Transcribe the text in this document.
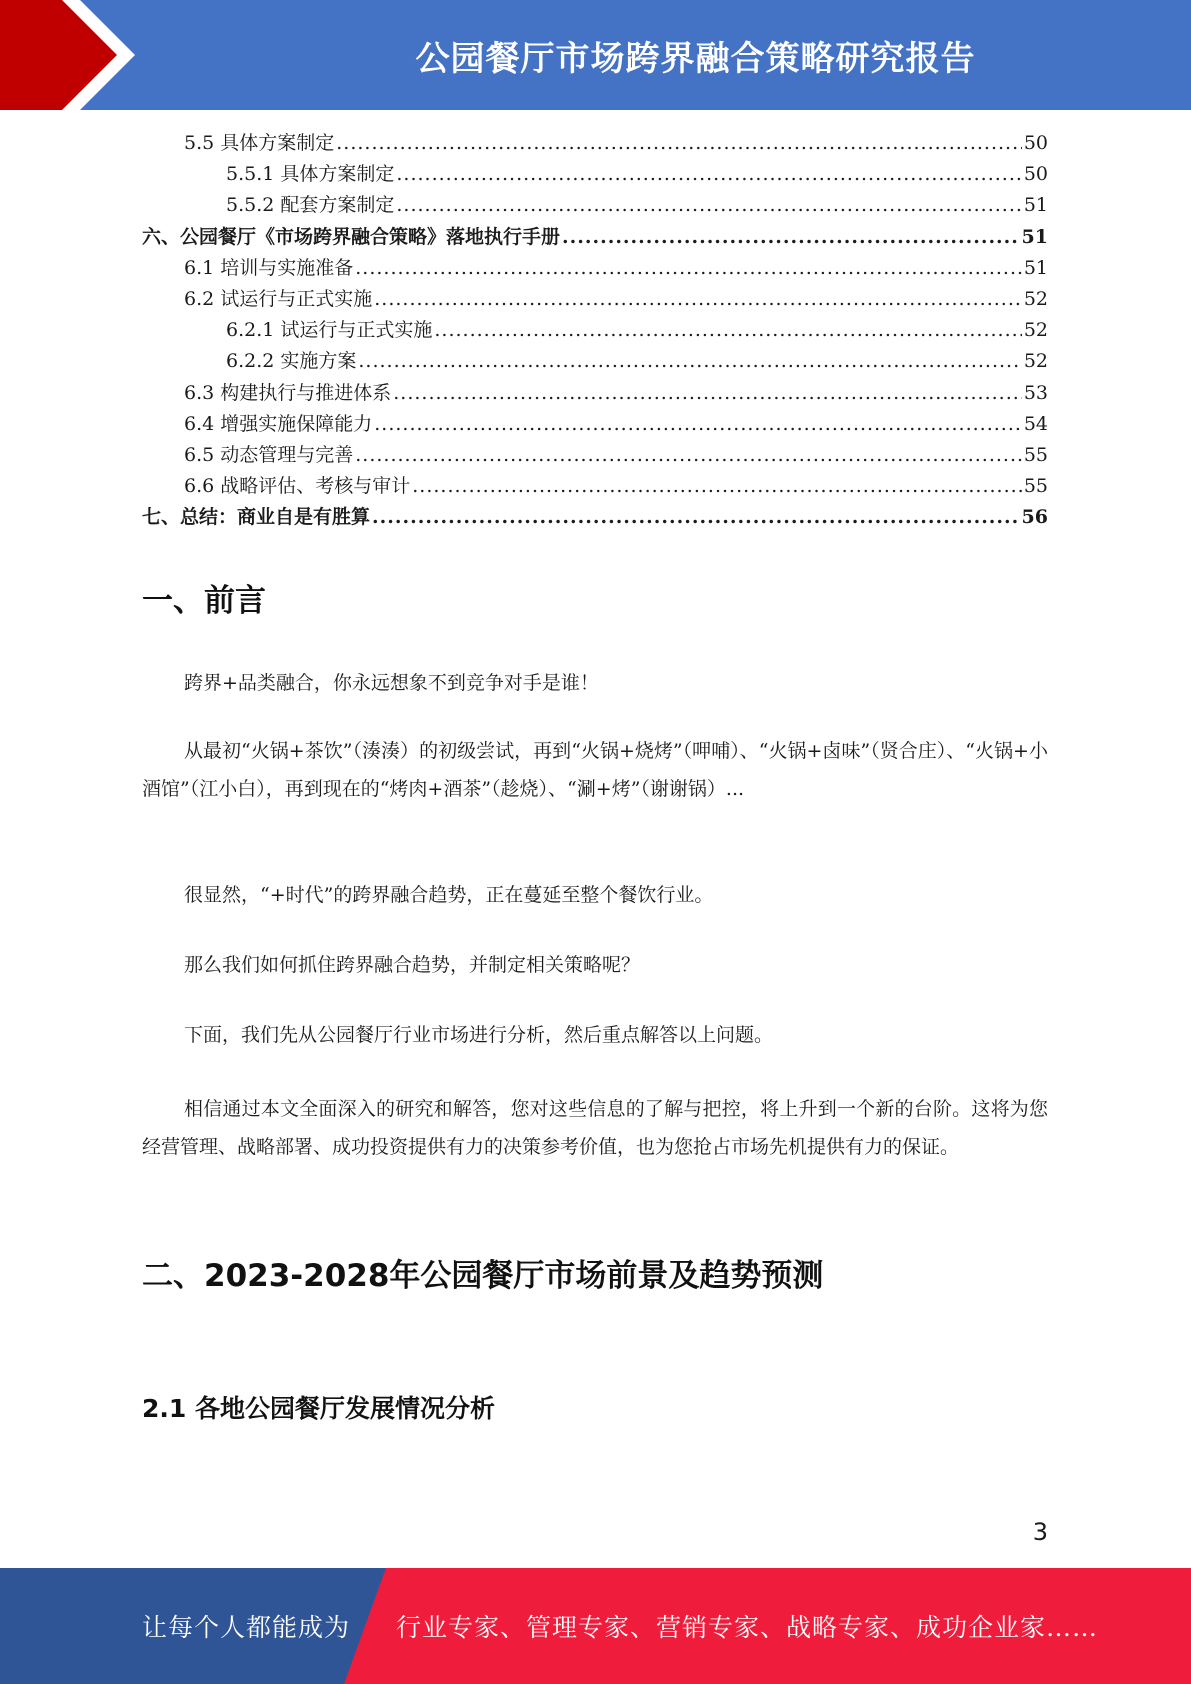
公园餐厅市场跨界融合策略研究报告
5.5 具体方案制定 .....	50
5.5.1 具体方案制定 .....	50
5.5.2 配套方案制定 .....	51
六、公园餐厅《市场跨界融合策略》落地执行手册 .....	51
6.1 培训与实施准备 .....	51
6.2 试运行与正式实施 .....	52
6.2.1 试运行与正式实施 .....	52
6.2.2 实施方案 .....	52
6.3 构建执行与推进体系 .....	53
6.4 增强实施保障能力 .....	54
6.5 动态管理与完善 .....	55
6.6 战略评估、考核与审计 .....	55
七、总结：商业自是有胜算 .....	56
一、前言
跨界+品类融合，你永远想象不到竞争对手是谁！
从最初“火锅+茶饮”（湊湊）的初级尝试，再到“火锅+烧烤”（呷哺）、“火锅+卤味”（贤合庄）、“火锅+小酒馆”（江小白），再到现在的“烤肉+酒茶”（趁烧）、“涮+烤”（谢谢锅）...
很显然，“+时代”的跨界融合趋势，正在蔓延至整个餐饮行业。
那么我们如何抓住跨界融合趋势，并制定相关策略呢？
下面，我们先从公园餐厅行业市场进行分析，然后重点解答以上问题。
相信通过本文全面深入的研究和解答，您对这些信息的了解与把控，将上升到一个新的台阶。这将为您经营管理、战略部署、成功投资提供有力的决策参考价值，也为您抢占市场先机提供有力的保证。
二、2023-2028年公园餐厅市场前景及趋势预测
2.1 各地公园餐厅发展情况分析
3
让每个人都能成为 行业专家、管理专家、营销专家、战略专家、成功企业家……
